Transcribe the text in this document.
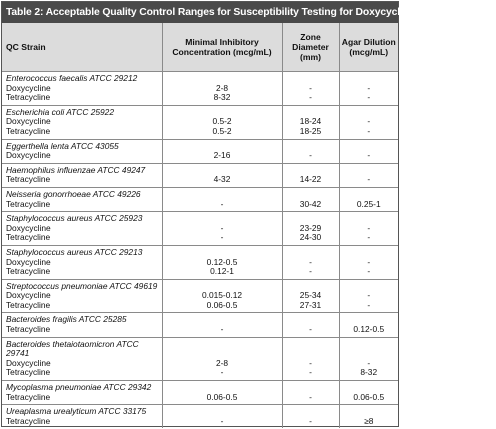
Table 2: Acceptable Quality Control Ranges for Susceptibility Testing for Doxycycline and Tetracycline
QC Strain	Minimal Inhibitory Concentration (mcg/mL)	Zone Diameter (mm)	Agar Dilution (mcg/mL)
Enterococcus faecalis ATCC 29212			
Doxycycline	2-8	-	-
Tetracycline	8-32	-	-
Escherichia coli ATCC 25922			
Doxycycline	0.5-2	18-24	-
Tetracycline	0.5-2	18-25	-
Eggerthella lenta ATCC 43055			
Doxycycline	2-16	-	-
Haemophilus influenzae ATCC 49247			
Tetracycline	4-32	14-22	-
Neisseria gonorrhoeae ATCC 49226			
Tetracycline	-	30-42	0.25-1
Staphylococcus aureus ATCC 25923			
Doxycycline	-	23-29	-
Tetracycline	-	24-30	-
Staphylococcus aureus ATCC 29213			
Doxycycline	0.12-0.5	-	-
Tetracycline	0.12-1	-	-
Streptococcus pneumoniae ATCC 49619			
Doxycycline	0.015-0.12	25-34	-
Tetracycline	0.06-0.5	27-31	-
Bacteroides fragilis ATCC 25285			
Tetracycline	-	-	0.12-0.5
Bacteroides thetaiotaomicron ATCC 29741			
Doxycycline	2-8	-	-
Tetracycline	-	-	8-32
Mycoplasma pneumoniae ATCC 29342			
Tetracycline	0.06-0.5	-	0.06-0.5
Ureaplasma urealyticum ATCC 33175			
Tetracycline	-	-	≥8
